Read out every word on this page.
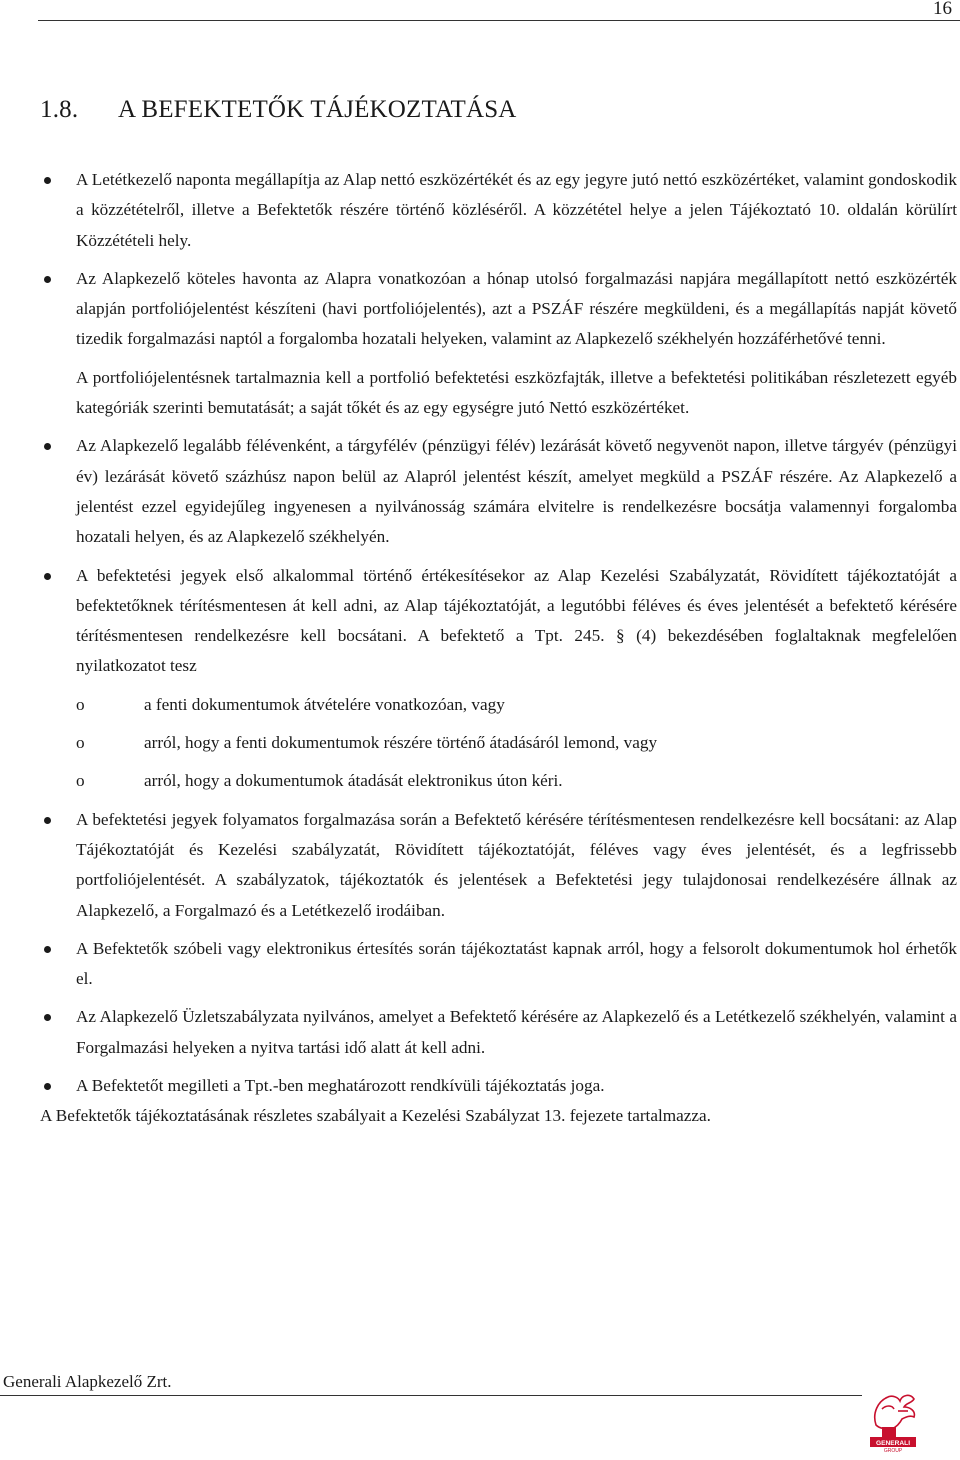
16
1.8. A BEFEKTETŐK TÁJÉKOZTATÁSA

A Letétkezelő naponta megállapítja az Alap nettó eszközértékét és az egy jegyre jutó nettó eszközértéket, valamint gondoskodik a közzétételről, illetve a Befektetők részére történő közléséről. A közzététel helye a jelen Tájékoztató 10. oldalán körülírt Közzétételi hely.

Az Alapkezelő köteles havonta az Alapra vonatkozóan a hónap utolsó forgalmazási napjára megállapított nettó eszközérték alapján portfoliójelentést készíteni (havi portfoliójelentés), azt a PSZÁF részére megküldeni, és a megállapítás napját követő tizedik forgalmazási naptól a forgalomba hozatali helyeken, valamint az Alapkezelő székhelyén hozzáférhetővé tenni.

A portfoliójelentésnek tartalmaznia kell a portfolió befektetési eszközfajták, illetve a befektetési politikában részletezett egyéb kategóriák szerinti bemutatását; a saját tőkét és az egy egységre jutó Nettó eszközértéket.

Az Alapkezelő legalább félévenként, a tárgyfélév (pénzügyi félév) lezárását követő negyvenöt napon, illetve tárgyév (pénzügyi év) lezárását követő százhúsz napon belül az Alapról jelentést készít, amelyet megküld a PSZÁF részére. Az Alapkezelő a jelentést ezzel egyidejűleg ingyenesen a nyilvánosság számára elvitelre is rendelkezésre bocsátja valamennyi forgalomba hozatali helyen, és az Alapkezelő székhelyén.

A befektetési jegyek első alkalommal történő értékesítésekor az Alap Kezelési Szabályzatát, Rövidített tájékoztatóját a befektetőknek térítésmentesen át kell adni, az Alap tájékoztatóját, a legutóbbi féléves és éves jelentését a befektető kérésére térítésmentesen rendelkezésre kell bocsátani. A befektető a Tpt. 245. § (4) bekezdésében foglaltaknak megfelelően nyilatkozatot tesz

o	a fenti dokumentumok átvételére vonatkozóan, vagy

o	arról, hogy a fenti dokumentumok részére történő átadásáról lemond, vagy

o	arról, hogy a dokumentumok átadását elektronikus úton kéri.

A befektetési jegyek folyamatos forgalmazása során a Befektető kérésére térítésmentesen rendelkezésre kell bocsátani: az Alap Tájékoztatóját és Kezelési szabályzatát, Rövidített tájékoztatóját, féléves vagy éves jelentését, és a legfrissebb portfoliójelentését. A szabályzatok, tájékoztatók és jelentések a Befektetési jegy tulajdonosai rendelkezésére állnak az Alapkezelő, a Forgalmazó és a Letétkezelő irodáiban.

A Befektetők szóbeli vagy elektronikus értesítés során tájékoztatást kapnak arról, hogy a felsorolt dokumentumok hol érhetők el.

Az Alapkezelő Üzletszabályzata nyilvános, amelyet a Befektető kérésére az Alapkezelő és a Letétkezelő székhelyén, valamint a Forgalmazási helyeken a nyitva tartási idő alatt át kell adni.

A Befektetőt megilleti a Tpt.-ben meghatározott rendkívüli tájékoztatás joga.

A Befektetők tájékoztatásának részletes szabályait a Kezelési Szabályzat 13. fejezete tartalmazza.

Generali Alapkezelő Zrt.
GENERALI
GROUP
